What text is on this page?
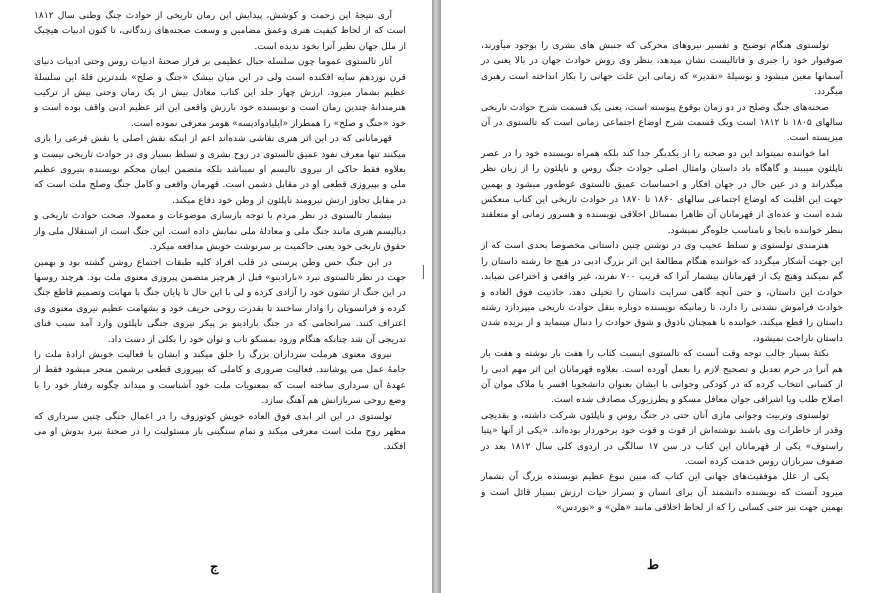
آری نتیجهٔ این زحمت و کوشش، پیدایش این رمان تاریخی از حوادث جنگ وطنی سال ۱۸۱۲ است که از لحاظ کیفیت هنری وعمق مضامین و وسعت صحنه‌های زندگانی، تا کنون ادبیات هیچیک از ملل جهان نظیر آنرا بخود ندیده است.

آثار تالستوی عموما چون سلسله جبال عظیمی بر فراز صحنهٔ ادبیات روس وحتی ادبیات دنیای قرن نوزدهم سایه افکنده است ولی در این میان بیشک «جنگ و صلح» بلندترین قلهٔ این سلسلهٔ عظیم بشمار میرود. ارزش چهار جلد این کتاب معادل بیش از یک رمان وحتی بیش از ترکیب هنرمندانهٔ چندین رمان است و نویسنده خود بارزش واقعی این اثر عظیم ادبی واقف بوده است و خود «جنگ و صلح» را همطراز «ایلیادوادیسه» هومر معرفی نموده است.

قهرمانانی که در این اثر هنری نقاشی شده‌اند اعم از اینکه نقش اصلی یا نقش فرعی را بازی میکنند تنها معرف نفوذ عمیق تالستوی در روح بشری و تسلط بسیار وی در حوادث تاریخی نیست و بعلاوه فقط حاکی از نیروی تالیسم او نمیباشد بلکه متضمن ایمان محکم نویسنده بنیروی عظیم ملی و بپیروزی قطعی او در مقابل دشمن است. قهرمان واقعی و کامل جنگ وصلح ملت است که در مقابل تجاوز ارتش نیرومند ناپلئون از وطن خود دفاع میکند.

بیشمار تالستوی در نظر مردم با توجه بازسازی موضوعات و معمولا، صحت حوادث تاریخی و دیالیسم هنری مانند جنگ ملی و معادلهٔ ملی نمایش داده است. این جنگ است از استقلال ملی واز حقوق تاریخی خود یعنی حاکمیت بر سرنوشت خویش مدافعه میکرد.

در این جنگ حس وطن پرستی در قلب افراد کلیه طبقات اجتماع روشن گشته بود و بهمین جهت در نظر تالستوی نبرد «بارادینو» قبل از هرچیز متضمن پیروزی معنوی ملت بود. هرچند روسها در این جنگ از تشون خود را آزادی کرده و لی با این حال تا پایان جنگ با مهابت وتصمیم قاطع جنگ کرده و فرانسویان را وادار ساختند تا بقدرت روحی حریف خود و بشهامت عظیم نیروی معنوی وی اعتراف کنند. سرانجامی که در جنگ بارادینو بر پیکر نیروی جنگی ناپلئون وارد آمد سبب فنای تدریجی آن شد چنانکه هنگام ورود بمسکو تاب و توان خود را بکلی از دست داد.

نیروی معنوی هرملت سرداران بزرگ را خلق میکند و ایشان با فعالیت خویش ارادهٔ ملت را جامهٔ عمل می پوشانند. فعالیت ضروری و کاملی که بپیروزی قطعی برشمن منجر میشود فقط از عهدهٔ آن سرداری ساخته است که بمعنویات ملت خود آشناست و میداند چگونه رفتار خود را با وضع روحی سربازانش هم آهنگ سازد.

تولستوی در این اثر ابدی فوق العاده خویش کوتوزوف را در اعمال جنگی چنین سرداری که مظهر روح ملت است معرفی میکند و تمام سنگینی بار مسئولیت را در صحنهٔ نبرد بدوش او می افکند.

ج

تولستوی هنگام توضیح و تفسیر نیروهای محرکی که جنبش های بشری را بوجود میآورند، صوفیوار خود را جبری و فاتالیست نشان میدهد، بنظر وی روش حوادث جهان در بالا یعنی در آسمانها معین میشود و بوسیلهٔ «تقدیر» که زمانی این علت جهانی را بکار انداخته است رهبری میگردد.

صحنه‌های جنگ وصلح در دو زمان بوقوع پیوسته است، یعنی یک قسمت شرح حوادث تاریخی سالهای ۱۸۰۵ تا ۱۸۱۲ است ویک قسمت شرح اوضاع اجتماعی زمانی است که تالستوی در آن میزیسته است.

اما خواننده نمیتواند این دو صحنه را از یکدیگر جدا کند بلکه همراه نویسنده خود را در عصر ناپلئون میبیند و گاهگاه باد داستان وامثال اصلی حوادث جنگ روس و ناپلئون را از زبان نظر میگذراند و در عین حال در جهان افکار و احساسات عمیق تالستوی غوطه‌ور میشود و بهمین جهت این اقلیت که اوضاع اجتماعی سالهای ۱۸۶۰ تا ۱۸۷۰ در حوادث تاریخی این کتاب منعکس شده است و عده‌ای از قهرمانان آن ظاهرا بمسائل اخلاقی نویسنده و هسرور زمانی او متعلقند بنظر خواننده نابجا و نامناسب جلوه‌گر نمیشود.

هنرمندی تولستوی و تسلط عجیب وی در نوشتن چنین داستانی مخصوصا بحدی است که از این جهت آشکار میگردد که خواننده هنگام مطالعهٔ این اثر بزرگ ادبی در هیچ جا رشته داستان را گم نمیکند وهیچ یک از قهرمانان بیشمار آنرا که قریب ۷۰۰ نفرند، غیر واقعی و اختراعی نمیابد. حوادث این داستان، و حتی آنچه گاهی سرایت داستان را تخیلی دهد، جاذبیت فوق العاده و حوادث فراموش نشدنی را دارد، تا زمانیکه نویسنده دوباره بنقل حوادث تاریخی میپردازد رشته داستان را قطع میکند، خواننده با همچنان باذوق و شوق حوادث را دنبال مینماید و از بریده شدن داستان ناراحت نمیشود.

نکتهٔ بسیار جالب توجه وقت آنست که تالستوی اینست کتاب را هفت بار نوشته و هفت بار هم آنرا در حرم تعدیل و تصحیح لازم را بعمل آورده است. بعلاوه قهرمانان این اثر مهم ادبی را از کسانی انتخاب کرده که در کودکی وجوانی با ایشان بعنوان دانشجویا افسر یا ملاک موان آن اصلاح طلب ویا اشرافی جوان معافل مسکو و پطرزبورک مصادف شده است.

تولستوی وتربیت وجوانی مازی آنان حتی در جنگ روس و ناپلئون شرکت داشته، و بقدیچی وقدر از خاطرات وی باشند نوشته‌اش از قوت و قوت خود برخوردار بوده‌اند. «یکی از آنها «پتیا راستوف» یکی از قهرمانان این کتاب در سن ۱۷ سالگی در اردوی کلی سال ۱۸۱۲ بعد در صفوف سربازان روس خدمت کرده است.

یکی از علل موفقیت‌های جهانی این کتاب که مبین نبوغ عظیم نویسنده بزرگ آن بشمار میرود آنست که نویسنده دانشمند آن برای انسان و بسراز حیات ارزش بسیار قائل است و بهمین جهت نیز حتی کسانی را که از لحاظ اخلاقی مانند «هلن» و «بوردس»

ط
